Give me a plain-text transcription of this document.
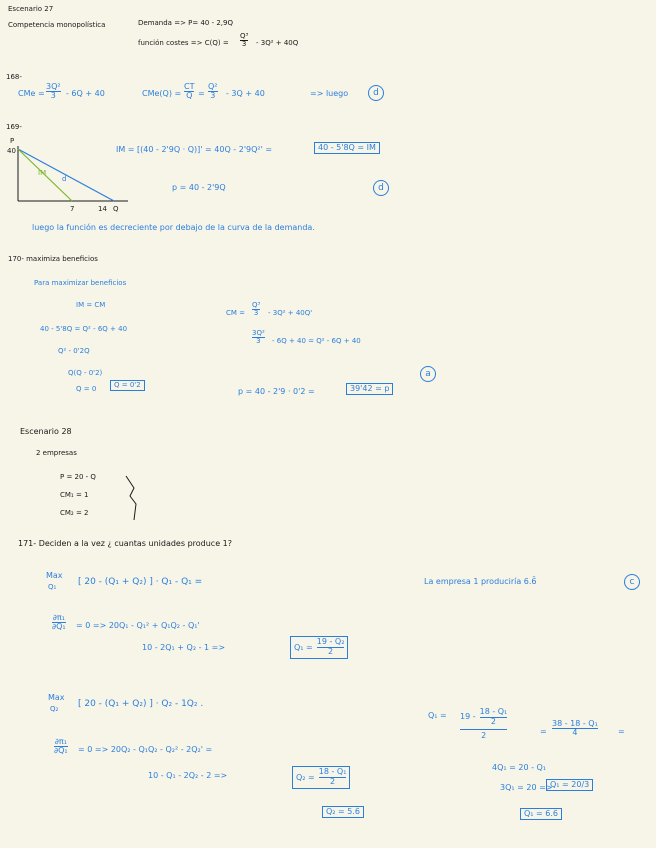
Escenario 27
Competencia monopolística	Demanda => P= 40 - 2,9Q
función costes => C(Q) =
Q³
3 - 3Q² + 40Q
168-
CMe =
3Q²
3 - 6Q + 40	CMe(Q) =
CT
Q =
Q²
3 - 3Q + 40	=> luego	d
169-
P
40
IM
d
7	14 Q
IM = [(40 - 2'9Q · Q)]' = 40Q - 2'9Q²' =	40 - 5'8Q = IM
p = 40 - 2'9Q	d
luego la función es decreciente por debajo de la curva de la demanda.
170- maximiza beneficios
Para maximizar beneficios
IM = CM
40 - 5'8Q = Q² - 6Q + 40
Q² - 0'2Q
Q(Q - 0'2)
Q = 0	Q = 0'2
CM =
Q³
3 - 3Q² + 40Q'
3Q²
3 - 6Q + 40 = Q² - 6Q + 40
p = 40 - 2'9 · 0'2 =	39'42 = p
a
Escenario 28
2 empresas
P = 20 - Q
CM₁ = 1
CM₂ = 2
171- Deciden a la vez ¿ cuantas unidades produce 1?
Max
Q₁ [ 20 - (Q₁ + Q₂) ] · Q₁ - Q₁ =	La empresa 1 produciría 6.6̄	c
∂π₁
∂Q₁ = 0 => 20Q₁ - Q₁² + Q₁Q₂ - Q₁'
10 - 2Q₁ + Q₂ - 1 =>	Q₁ =
19 - Q₂
2
Max
Q₂ [ 20 - (Q₁ + Q₂) ] · Q₂ - 1Q₂ .
∂π₁
∂Q₁ = 0 => 20Q₂ - Q₁Q₂ - Q₂² - 2Q₂' =
10 - Q₁ - 2Q₂ - 2 =>	Q₂ =
18 - Q₁
2
Q₂ = 5.6̄
Q₁ = 19 -
18 - Q₁
2
2	=
38 - 18 - Q₁
4	=
4Q₁ = 20 - Q₁
3Q₁ = 20 =>
Q₁ = 20/3
Q₁ = 6.6̄
